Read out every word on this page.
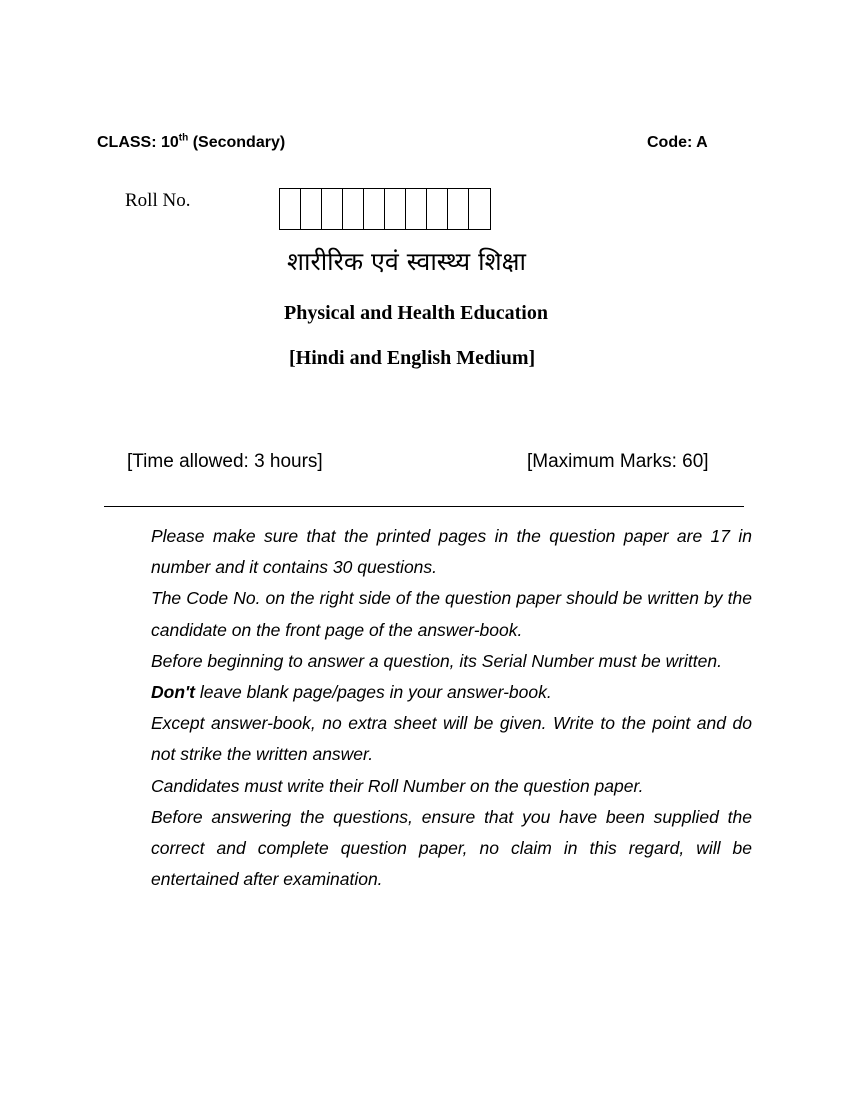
CLASS: 10th (Secondary)	Code: A
Roll No.
शारीरिक एवं स्वास्थ्य शिक्षा
Physical and Health Education
[Hindi and English Medium]
[Time allowed: 3 hours]	[Maximum Marks: 60]

Please make sure that the printed pages in the question paper are 17 in number and it contains 30 questions.

The Code No. on the right side of the question paper should be written by the candidate on the front page of the answer-book.

Before beginning to answer a question, its Serial Number must be written.

Don't leave blank page/pages in your answer-book.

Except answer-book, no extra sheet will be given. Write to the point and do not strike the written answer.

Candidates must write their Roll Number on the question paper.

Before answering the questions, ensure that you have been supplied the correct and complete question paper, no claim in this regard, will be entertained after examination.
